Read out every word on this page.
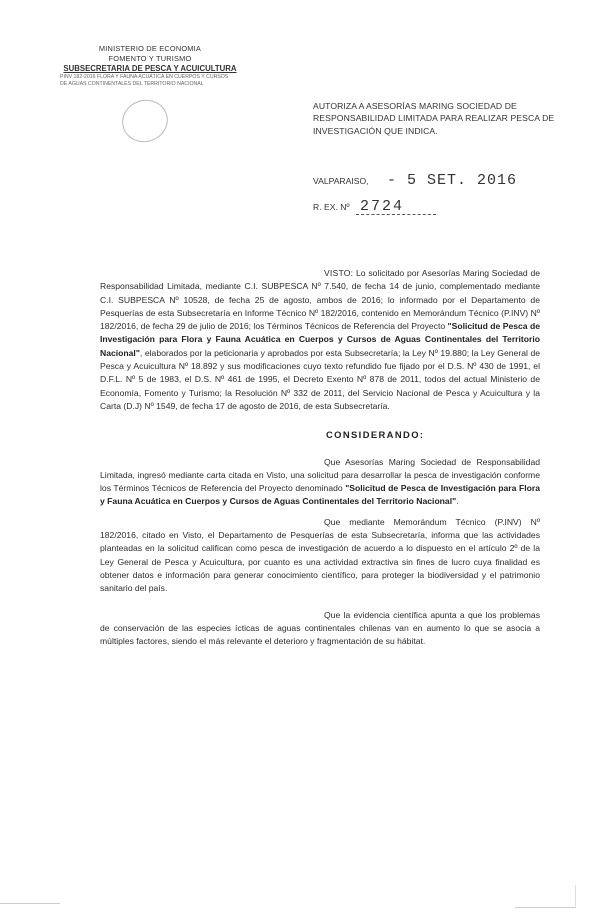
MINISTERIO DE ECONOMIA
FOMENTO Y TURISMO
SUBSECRETARIA DE PESCA Y ACUICULTURA
PINV 182-2016 FLORA Y FAUNA ACUÁTICA EN CUERPOS Y CURSOS
DE AGUAS CONTINENTALES DEL TERRITORIO NACIONAL
AUTORIZA A ASESORÍAS MARING SOCIEDAD DE RESPONSABILIDAD LIMITADA PARA REALIZAR PESCA DE INVESTIGACIÓN QUE INDICA.
VALPARAISO, - 5 SET. 2016
R. EX. Nº 2724

VISTO: Lo solicitado por Asesorías Maring Sociedad de Responsabilidad Limitada, mediante C.I. SUBPESCA Nº 7.540, de fecha 14 de junio, complementado mediante C.I. SUBPESCA Nº 10528, de fecha 25 de agosto, ambos de 2016; lo informado por el Departamento de Pesquerías de esta Subsecretaría en Informe Técnico Nº 182/2016, contenido en Memorándum Técnico (P.INV) Nº 182/2016, de fecha 29 de julio de 2016; los Términos Técnicos de Referencia del Proyecto "Solicitud de Pesca de Investigación para Flora y Fauna Acuática en Cuerpos y Cursos de Aguas Continentales del Territorio Nacional", elaborados por la peticionaria y aprobados por esta Subsecretaría; la Ley Nº 19.880; la Ley General de Pesca y Acuicultura Nº 18.892 y sus modificaciones cuyo texto refundido fue fijado por el D.S. Nº 430 de 1991, el D.F.L. Nº 5 de 1983, el D.S. Nº 461 de 1995, el Decreto Exento Nº 878 de 2011, todos del actual Ministerio de Economía, Fomento y Turismo; la Resolución Nº 332 de 2011, del Servicio Nacional de Pesca y Acuicultura y la Carta (D.J) Nº 1549, de fecha 17 de agosto de 2016, de esta Subsecretaría.

CONSIDERANDO:

Que Asesorías Maring Sociedad de Responsabilidad Limitada, ingresó mediante carta citada en Visto, una solicitud para desarrollar la pesca de investigación conforme los Términos Técnicos de Referencia del Proyecto denominado "Solicitud de Pesca de Investigación para Flora y Fauna Acuática en Cuerpos y Cursos de Aguas Continentales del Territorio Nacional".

Que mediante Memorándum Técnico (P.INV) Nº 182/2016, citado en Visto, el Departamento de Pesquerías de esta Subsecretaría, informa que las actividades planteadas en la solicitud califican como pesca de investigación de acuerdo a lo dispuesto en el artículo 2º de la Ley General de Pesca y Acuicultura, por cuanto es una actividad extractiva sin fines de lucro cuya finalidad es obtener datos e información para generar conocimiento científico, para proteger la biodiversidad y el patrimonio sanitario del país.

Que la evidencia científica apunta a que los problemas de conservación de las especies ícticas de aguas continentales chilenas van en aumento lo que se asocia a múltiples factores, siendo el más relevante el deterioro y fragmentación de su hábitat.
